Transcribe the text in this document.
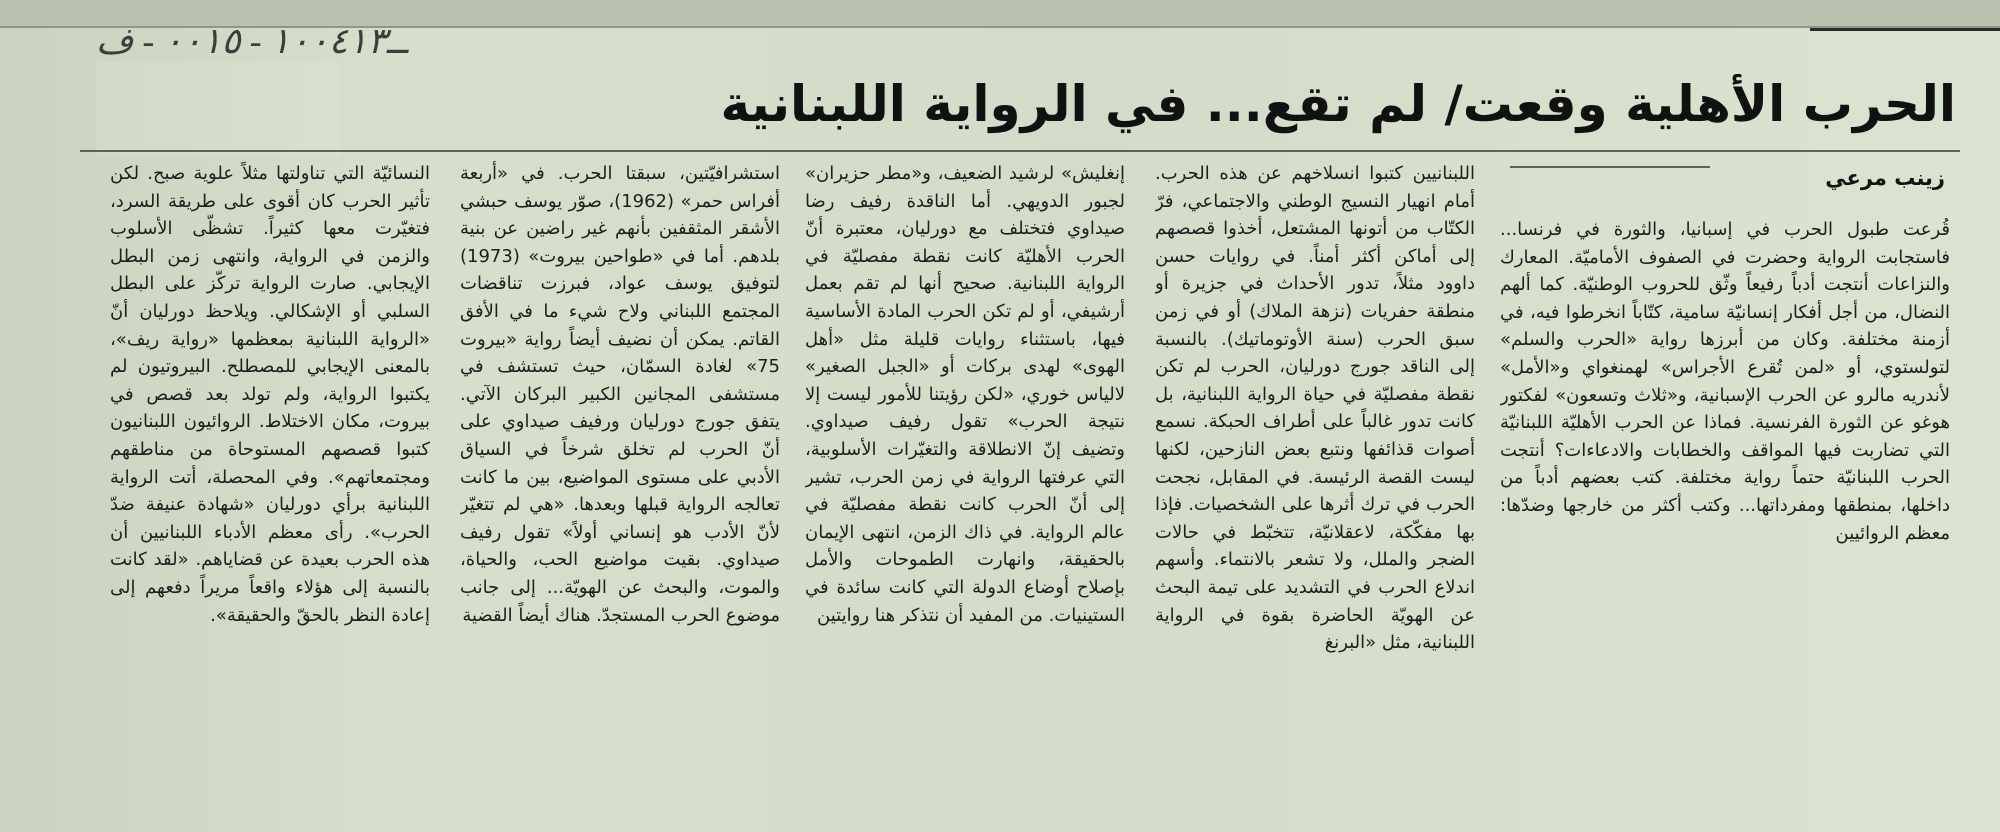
ــ١٠٠٤١٣ - ٠٠١٥ - ف
الحرب الأهلية وقعت/ لم تقع... في الرواية اللبنانية
زينب مرعي

قُرعت طبول الحرب في إسبانيا، والثورة في فرنسا... فاستجابت الرواية وحضرت في الصفوف الأماميّة. المعارك والنزاعات أنتجت أدباً رفيعاً وثّق للحروب الوطنيّة. كما ألهم النضال، من أجل أفكار إنسانيّة سامية، كتّاباً انخرطوا فيه، في أزمنة مختلفة. وكان من أبرزها رواية «الحرب والسلم» لتولستوي، أو «لمن تُقرع الأجراس» لهمنغواي و«الأمل» لأندريه مالرو عن الحرب الإسبانية، و«ثلاث وتسعون» لفكتور هوغو عن الثورة الفرنسية. فماذا عن الحرب الأهليّة اللبنانيّة التي تضاربت فيها المواقف والخطابات والادعاءات؟ أنتجت الحرب اللبنانيّة حتماً رواية مختلفة. كتب بعضهم أدباً من داخلها، بمنطقها ومفرداتها... وكتب أكثر من خارجها وضدّها: معظم الروائيين

اللبنانيين كتبوا انسلاخهم عن هذه الحرب. أمام انهيار النسيج الوطني والاجتماعي، فرّ الكتّاب من أتونها المشتعل، أخذوا قصصهم إلى أماكن أكثر أمناً. في روايات حسن داوود مثلاً، تدور الأحداث في جزيرة أو منطقة حفريات (نزهة الملاك) أو في زمن سبق الحرب (سنة الأوتوماتيك). بالنسبة إلى الناقد جورج دورليان، الحرب لم تكن نقطة مفصليّة في حياة الرواية اللبنانية، بل كانت تدور غالباً على أطراف الحبكة. نسمع أصوات قذائفها ونتبع بعض النازحين، لكنها ليست القصة الرئيسة. في المقابل، نجحت الحرب في ترك أثرها على الشخصيات. فإذا بها مفكّكة، لاعقلانيّة، تتخبّط في حالات الضجر والملل، ولا تشعر بالانتماء. وأسهم اندلاع الحرب في التشديد على تيمة البحث عن الهويّة الحاضرة بقوة في الرواية اللبنانية، مثل «البرنغ

إنغليش» لرشيد الضعيف، و«مطر حزيران» لجبور الدويهي. أما الناقدة رفيف رضا صيداوي فتختلف مع دورليان، معتبرة أنّ الحرب الأهليّة كانت نقطة مفصليّة في الرواية اللبنانية. صحيح أنها لم تقم بعمل أرشيفي، أو لم تكن الحرب المادة الأساسية فيها، باستثناء روايات قليلة مثل «أهل الهوى» لهدى بركات أو «الجبل الصغير» لالياس خوري، «لكن رؤيتنا للأمور ليست إلا نتيجة الحرب» تقول رفيف صيداوي. وتضيف إنّ الانطلاقة والتغيّرات الأسلوبية، التي عرفتها الرواية في زمن الحرب، تشير إلى أنّ الحرب كانت نقطة مفصليّة في عالم الرواية. في ذاك الزمن، انتهى الإيمان بالحقيقة، وانهارت الطموحات والأمل بإصلاح أوضاع الدولة التي كانت سائدة في الستينيات. من المفيد أن نتذكر هنا روايتين

استشرافيّتين، سبقتا الحرب. في «أربعة أفراس حمر» (1962)، صوّر يوسف حبشي الأشقر المثقفين بأنهم غير راضين عن بنية بلدهم. أما في «طواحين بيروت» (1973) لتوفيق يوسف عواد، فبرزت تناقضات المجتمع اللبناني ولاح شيء ما في الأفق القاتم. يمكن أن نضيف أيضاً رواية «بيروت 75» لغادة السمّان، حيث تستشف في مستشفى المجانين الكبير البركان الآتي. يتفق جورج دورليان ورفيف صيداوي على أنّ الحرب لم تخلق شرخاً في السياق الأدبي على مستوى المواضيع، بين ما كانت تعالجه الرواية قبلها وبعدها. «هي لم تتغيّر لأنّ الأدب هو إنساني أولاً» تقول رفيف صيداوي. بقيت مواضيع الحب، والحياة، والموت، والبحث عن الهويّة... إلى جانب موضوع الحرب المستجدّ. هناك أيضاً القضية

النسائيّة التي تناولتها مثلاً علوية صبح. لكن تأثير الحرب كان أقوى على طريقة السرد، فتغيّرت معها كثيراً. تشظّى الأسلوب والزمن في الرواية، وانتهى زمن البطل الإيجابي. صارت الرواية تركّز على البطل السلبي أو الإشكالي. ويلاحظ دورليان أنّ «الرواية اللبنانية بمعظمها «رواية ريف»، بالمعنى الإيجابي للمصطلح. البيروتيون لم يكتبوا الرواية، ولم تولد بعد قصص في بيروت، مكان الاختلاط. الروائيون اللبنانيون كتبوا قصصهم المستوحاة من مناطقهم ومجتمعاتهم». وفي المحصلة، أتت الرواية اللبنانية برأي دورليان «شهادة عنيفة ضدّ الحرب». رأى معظم الأدباء اللبنانيين أن هذه الحرب بعيدة عن قضاياهم. «لقد كانت بالنسبة إلى هؤلاء واقعاً مريراً دفعهم إلى إعادة النظر بالحقّ والحقيقة».
